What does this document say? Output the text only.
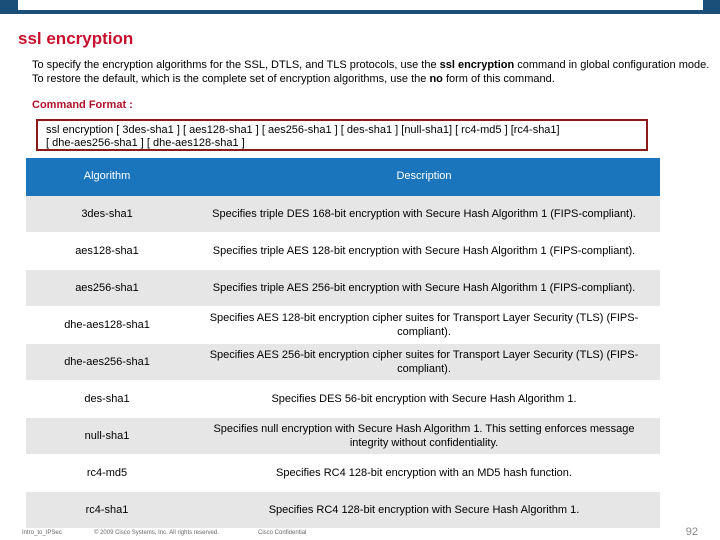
ssl encryption
To specify the encryption algorithms for the SSL, DTLS, and TLS protocols, use the ssl encryption command in global configuration mode. To restore the default, which is the complete set of encryption algorithms, use the no form of this command.
Command Format :
ssl encryption [ 3des-sha1 ] [ aes128-sha1 ] [ aes256-sha1 ] [ des-sha1 ] [null-sha1] [ rc4-md5 ] [rc4-sha1]
[ dhe-aes256-sha1 ] [ dhe-aes128-sha1 ]
Algorithm	Description
3des-sha1	Specifies triple DES 168-bit encryption with Secure Hash Algorithm 1 (FIPS-compliant).
aes128-sha1	Specifies triple AES 128-bit encryption with Secure Hash Algorithm 1 (FIPS-compliant).
aes256-sha1	Specifies triple AES 256-bit encryption with Secure Hash Algorithm 1 (FIPS-compliant).
dhe-aes128-sha1	Specifies AES 128-bit encryption cipher suites for Transport Layer Security (TLS) (FIPS-compliant).
dhe-aes256-sha1	Specifies AES 256-bit encryption cipher suites for Transport Layer Security (TLS) (FIPS-compliant).
des-sha1	Specifies DES 56-bit encryption with Secure Hash Algorithm 1.
null-sha1	Specifies null encryption with Secure Hash Algorithm 1. This setting enforces message integrity without confidentiality.
rc4-md5	Specifies RC4 128-bit encryption with an MD5 hash function.
rc4-sha1	Specifies RC4 128-bit encryption with Secure Hash Algorithm 1.
Intro_to_IPSec	© 2009 Cisco Systems, Inc. All rights reserved.	Cisco Confidential	92
